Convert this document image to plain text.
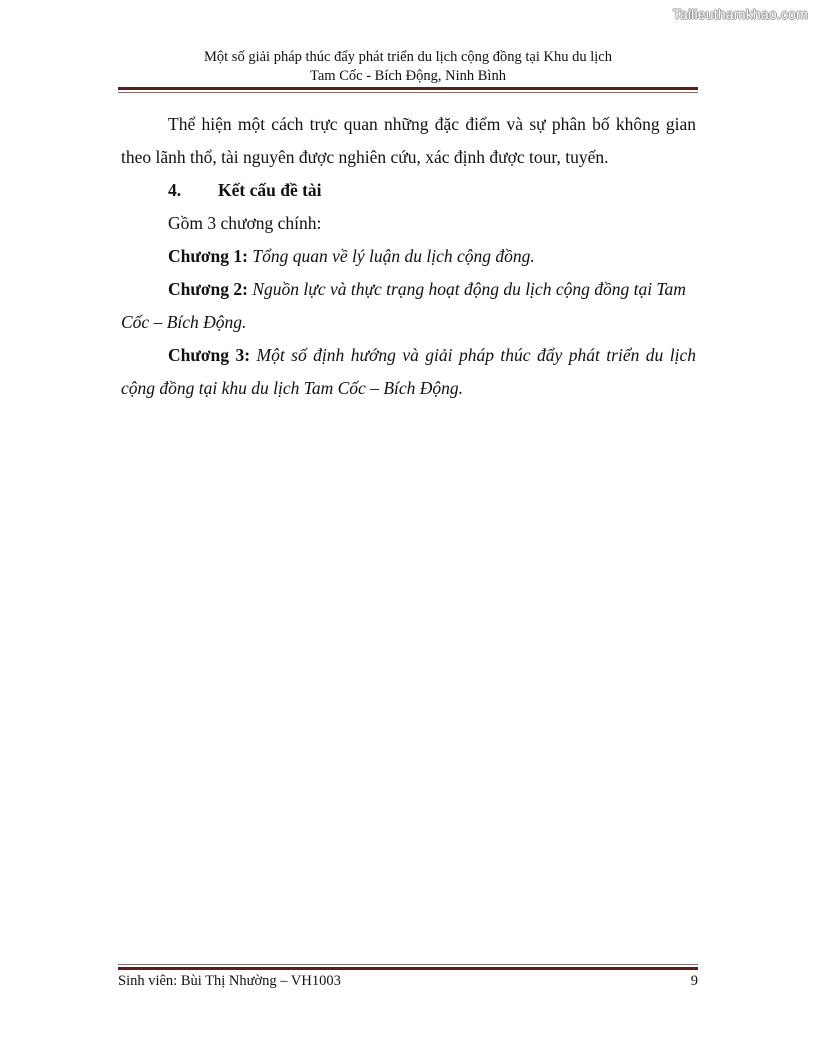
Tailieuthamkhao.com
Một số giải pháp thúc đẩy phát triển du lịch cộng đồng tại Khu du lịch
Tam Cốc - Bích Động, Ninh Bình

Thể hiện một cách trực quan những đặc điểm và sự phân bố không gian theo lãnh thổ, tài nguyên được nghiên cứu, xác định được tour, tuyến.

4. Kết cấu đề tài

Gồm 3 chương chính:

Chương 1: Tổng quan về lý luận du lịch cộng đồng.

Chương 2: Nguồn lực và thực trạng hoạt động du lịch cộng đồng tại Tam Cốc – Bích Động.

Chương 3: Một số định hướng và giải pháp thúc đẩy phát triển du lịch cộng đồng tại khu du lịch Tam Cốc – Bích Động.

Sinh viên: Bùi Thị Nhường – VH1003	9
